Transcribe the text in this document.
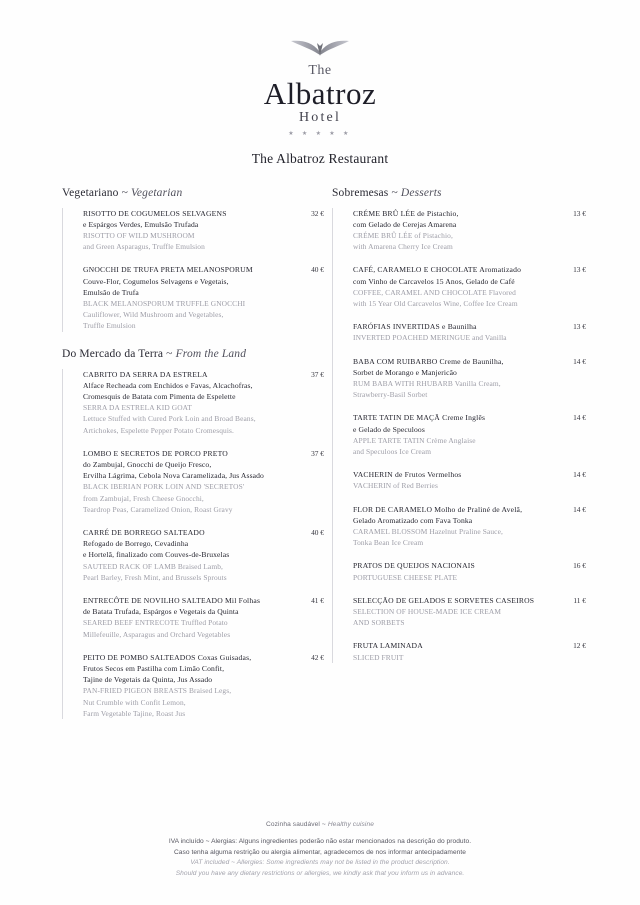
The
Albatroz
Hotel
★ ★ ★ ★ ★
The Albatroz Restaurant
Vegetariano ~ Vegetarian
RISOTTO DE COGUMELOS SELVAGENS	32 €
e Espárgos Verdes, Emulsão Trufada
RISOTTO OF WILD MUSHROOM
and Green Asparagus, Truffle Emulsion
GNOCCHI DE TRUFA PRETA MELANOSPORUM	40 €
Couve-Flor, Cogumelos Selvagens e Vegetais,
Emulsão de Trufa
BLACK MELANOSPORUM TRUFFLE GNOCCHI
Cauliflower, Wild Mushroom and Vegetables,
Truffle Emulsion
Do Mercado da Terra ~ From the Land
CABRITO DA SERRA DA ESTRELA	37 €
Alface Recheada com Enchidos e Favas, Alcachofras,
Cromesquis de Batata com Pimenta de Espelette
SERRA DA ESTRELA KID GOAT
Lettuce Stuffed with Cured Pork Loin and Broad Beans,
Artichokes, Espelette Pepper Potato Cromesquis.
LOMBO E SECRETOS DE PORCO PRETO	37 €
do Zambujal, Gnocchi de Queijo Fresco,
Ervilha Lágrima, Cebola Nova Caramelizada, Jus Assado
BLACK IBERIAN PORK LOIN AND 'SECRETOS'
from Zambujal, Fresh Cheese Gnocchi,
Teardrop Peas, Caramelized Onion, Roast Gravy
CARRÉ DE BORREGO SALTEADO	40 €
Refogado de Borrego, Cevadinha
e Hortelã, finalizado com Couves-de-Bruxelas
SAUTEED RACK OF LAMB Braised Lamb,
Pearl Barley, Fresh Mint, and Brussels Sprouts
ENTRECÔTE DE NOVILHO SALTEADO Mil Folhas	41 €
de Batata Trufada, Espárgos e Vegetais da Quinta
SEARED BEEF ENTRECOTE Truffled Potato
Millefeuille, Asparagus and Orchard Vegetables
PEITO DE POMBO SALTEADOS Coxas Guisadas,	42 €
Frutos Secos em Pastilha com Limão Confit,
Tajine de Vegetais da Quinta, Jus Assado
PAN-FRIED PIGEON BREASTS Braised Legs,
Nut Crumble with Confit Lemon,
Farm Vegetable Tajine, Roast Jus
Sobremesas ~ Desserts
CRÉME BRÛ LÉE de Pistachio,	13 €
com Gelado de Cerejas Amarena
CRÉME BRÛ LÉE of Pistachio,
with Amarena Cherry Ice Cream
CAFÉ, CARAMELO E CHOCOLATE Aromatizado	13 €
com Vinho de Carcavelos 15 Anos, Gelado de Café
COFFEE, CARAMEL AND CHOCOLATE Flavored
with 15 Year Old Carcavelos Wine, Coffee Ice Cream
FARÓFIAS INVERTIDAS e Baunilha	13 €
INVERTED POACHED MERINGUE and Vanilla
BABA COM RUIBARBO Creme de Baunilha,	14 €
Sorbet de Morango e Manjericão
RUM BABA WITH RHUBARB Vanilla Cream,
Strawberry-Basil Sorbet
TARTE TATIN DE MAÇÃ Creme Inglês	14 €
e Gelado de Speculoos
APPLE TARTE TATIN Crème Anglaise
and Speculoos Ice Cream
VACHERIN de Frutos Vermelhos	14 €
VACHERIN of Red Berries
FLOR DE CARAMELO Molho de Praliné de Avelã,	14 €
Gelado Aromatizado com Fava Tonka
CARAMEL BLOSSOM Hazelnut Praline Sauce,
Tonka Bean Ice Cream
PRATOS DE QUEIJOS NACIONAIS	16 €
PORTUGUESE CHEESE PLATE
SELECÇÃO DE GELADOS E SORVETES CASEIROS	11 €
SELECTION OF HOUSE-MADE ICE CREAM
AND SORBETS
FRUTA LAMINADA	12 €
SLICED FRUIT
Cozinha saudável ~ Healthy cuisine
IVA incluído ~ Alergias: Alguns ingredientes poderão não estar mencionados na descrição do produto.
Caso tenha alguma restrição ou alergia alimentar, agradecemos de nos informar antecipadamente
VAT included ~ Allergies: Some ingredients may not be listed in the product description.
Should you have any dietary restrictions or allergies, we kindly ask that you inform us in advance.
